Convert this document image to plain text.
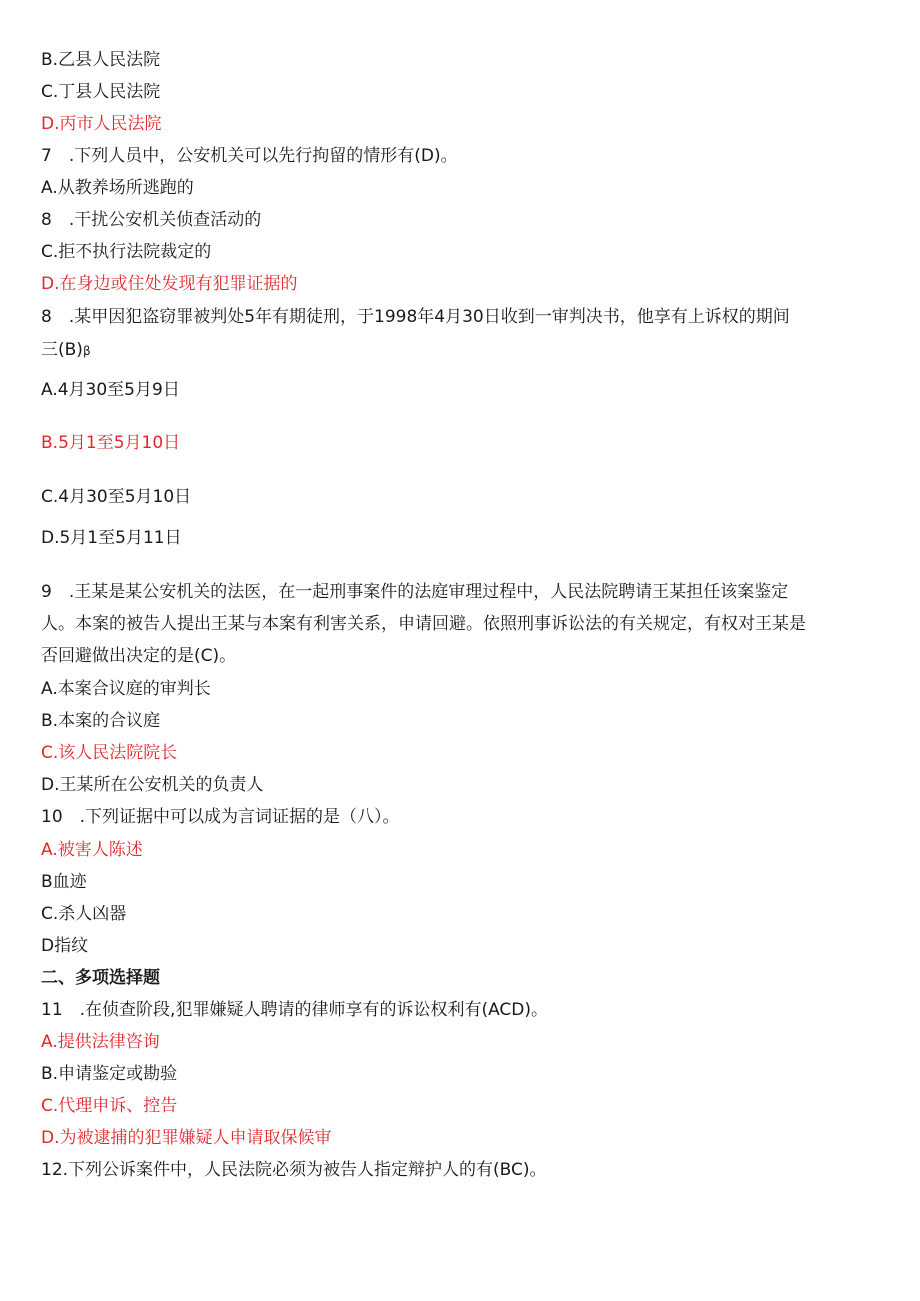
B.乙县人民法院
C.丁县人民法院
D.丙市人民法院
7　.下列人员中，公安机关可以先行拘留的情形有(D)。
A.从教养场所逃跑的
8　.干扰公安机关侦查活动的
C.拒不执行法院裁定的
D.在身边或住处发现有犯罪证据的
8　.某甲因犯盗窃罪被判处5年有期徒刑，于1998年4月30日收到一审判决书，他享有上诉权的期间
三(B)β
A.4月30至5月9日
B.5月1至5月10日
C.4月30至5月10日
D.5月1至5月11日
9　.王某是某公安机关的法医，在一起刑事案件的法庭审理过程中，人民法院聘请王某担任该案鉴定
人。本案的被告人提出王某与本案有利害关系，申请回避。依照刑事诉讼法的有关规定，有权对王某是
否回避做出决定的是(C)。
A.本案合议庭的审判长
B.本案的合议庭
C.该人民法院院长
D.王某所在公安机关的负责人
10　.下列证据中可以成为言词证据的是（八）。
A.被害人陈述
B血迹
C.杀人凶器
D指纹
二、多项选择题
11　.在侦查阶段,犯罪嫌疑人聘请的律师享有的诉讼权利有(ACD)。
A.提供法律咨询
B.申请鉴定或勘验
C.代理申诉、控告
D.为被逮捕的犯罪嫌疑人申请取保候审
12.下列公诉案件中，人民法院必须为被告人指定辩护人的有(BC)。
